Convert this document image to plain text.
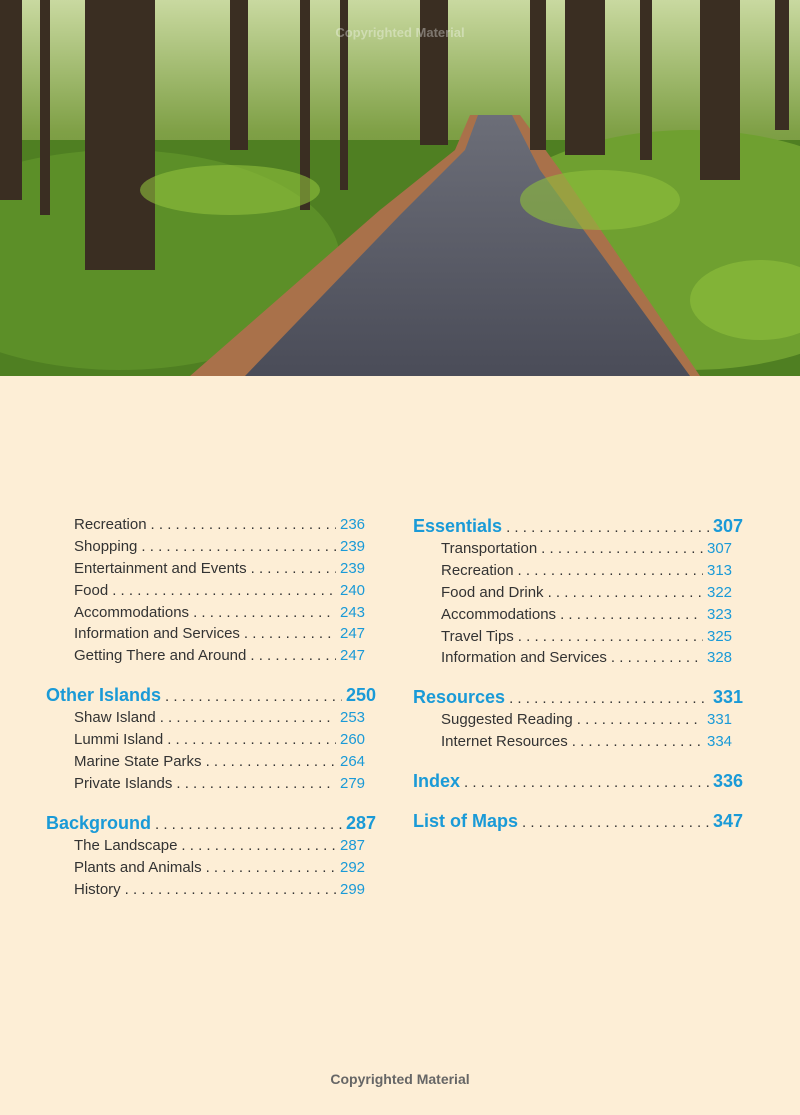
Copyrighted Material
Recreation . . .	236
Shopping . . .	239
Entertainment and Events . . .	239
Food . . .	240
Accommodations . . .	243
Information and Services . . .	247
Getting There and Around . . .	247
Other Islands . . .	250
Shaw Island . . .	253
Lummi Island . . .	260
Marine State Parks . . .	264
Private Islands . . .	279
Background . . .	287
The Landscape . . .	287
Plants and Animals . . .	292
History . . .	299
Essentials . . .	307
Transportation . . .	307
Recreation . . .	313
Food and Drink . . .	322
Accommodations . . .	323
Travel Tips . . .	325
Information and Services . . .	328
Resources . . .	331
Suggested Reading . . .	331
Internet Resources . . .	334
Index . . .	336
List of Maps . . .	347
Copyrighted Material
